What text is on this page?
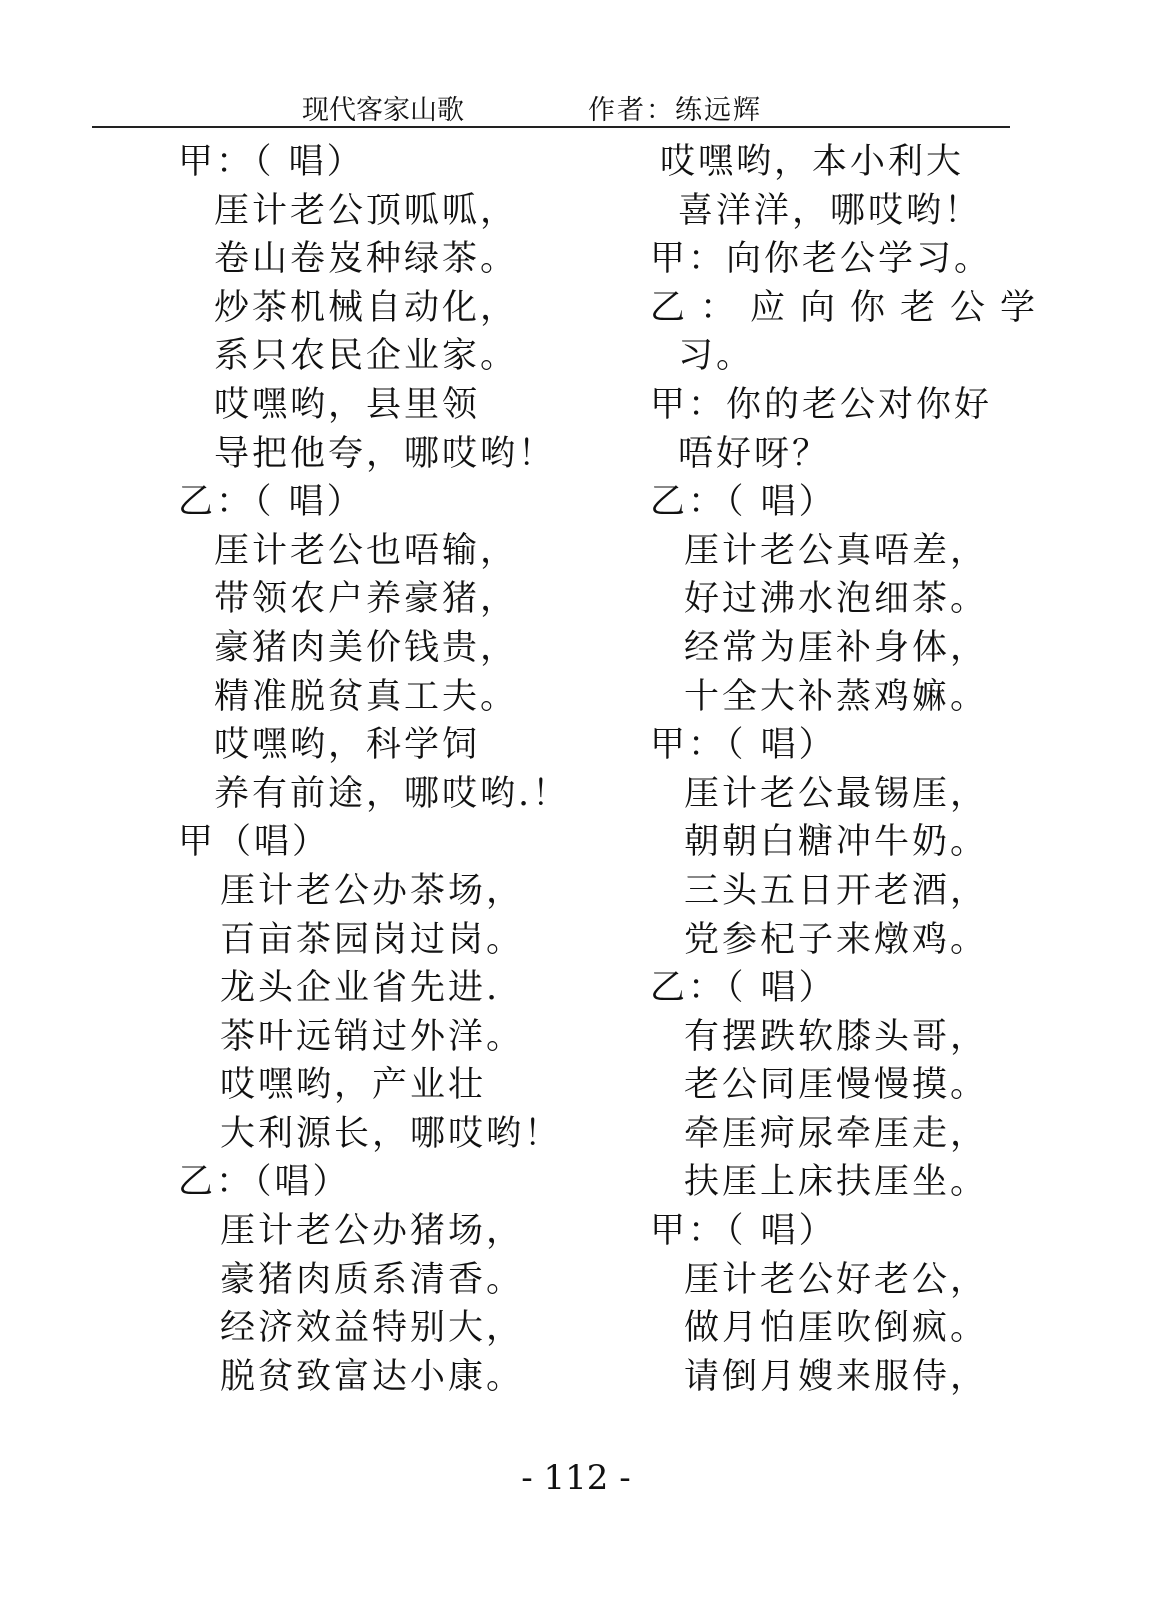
现代客家山歌	作者：练远辉
甲：（ 唱）
厓计老公顶呱呱，
卷山卷岌种绿茶。
炒茶机械自动化，
系只农民企业家。
哎嘿哟，县里领
导把他夸，哪哎哟！
乙：（ 唱）
厓计老公也唔输，
带领农户养豪猪，
豪猪肉美价钱贵，
精准脱贫真工夫。
哎嘿哟，科学饲
养有前途，哪哎哟.！
甲（唱）
厓计老公办茶场，
百亩茶园岗过岗。
龙头企业省先进.
茶叶远销过外洋。
哎嘿哟，产业壮
大利源长，哪哎哟！
乙：（唱）
厓计老公办猪场，
豪猪肉质系清香。
经济效益特别大，
脱贫致富达小康。
哎嘿哟，本小利大
喜洋洋，哪哎哟！
甲：向你老公学习。
乙：应向你老公学
习。
甲：你的老公对你好
唔好呀？
乙：（ 唱）
厓计老公真唔差，
好过沸水泡细茶。
经常为厓补身体，
十全大补蒸鸡嫲。
甲：（ 唱）
厓计老公最锡厓，
朝朝白糖冲牛奶。
三头五日开老酒，
党参杞子来燉鸡。
乙：（ 唱）
有摆跌软膝头哥，
老公同厓慢慢摸。
牵厓疴尿牵厓走，
扶厓上床扶厓坐。
甲：（ 唱）
厓计老公好老公，
做月怕厓吹倒疯。
请倒月嫂来服侍，
- 112 -
